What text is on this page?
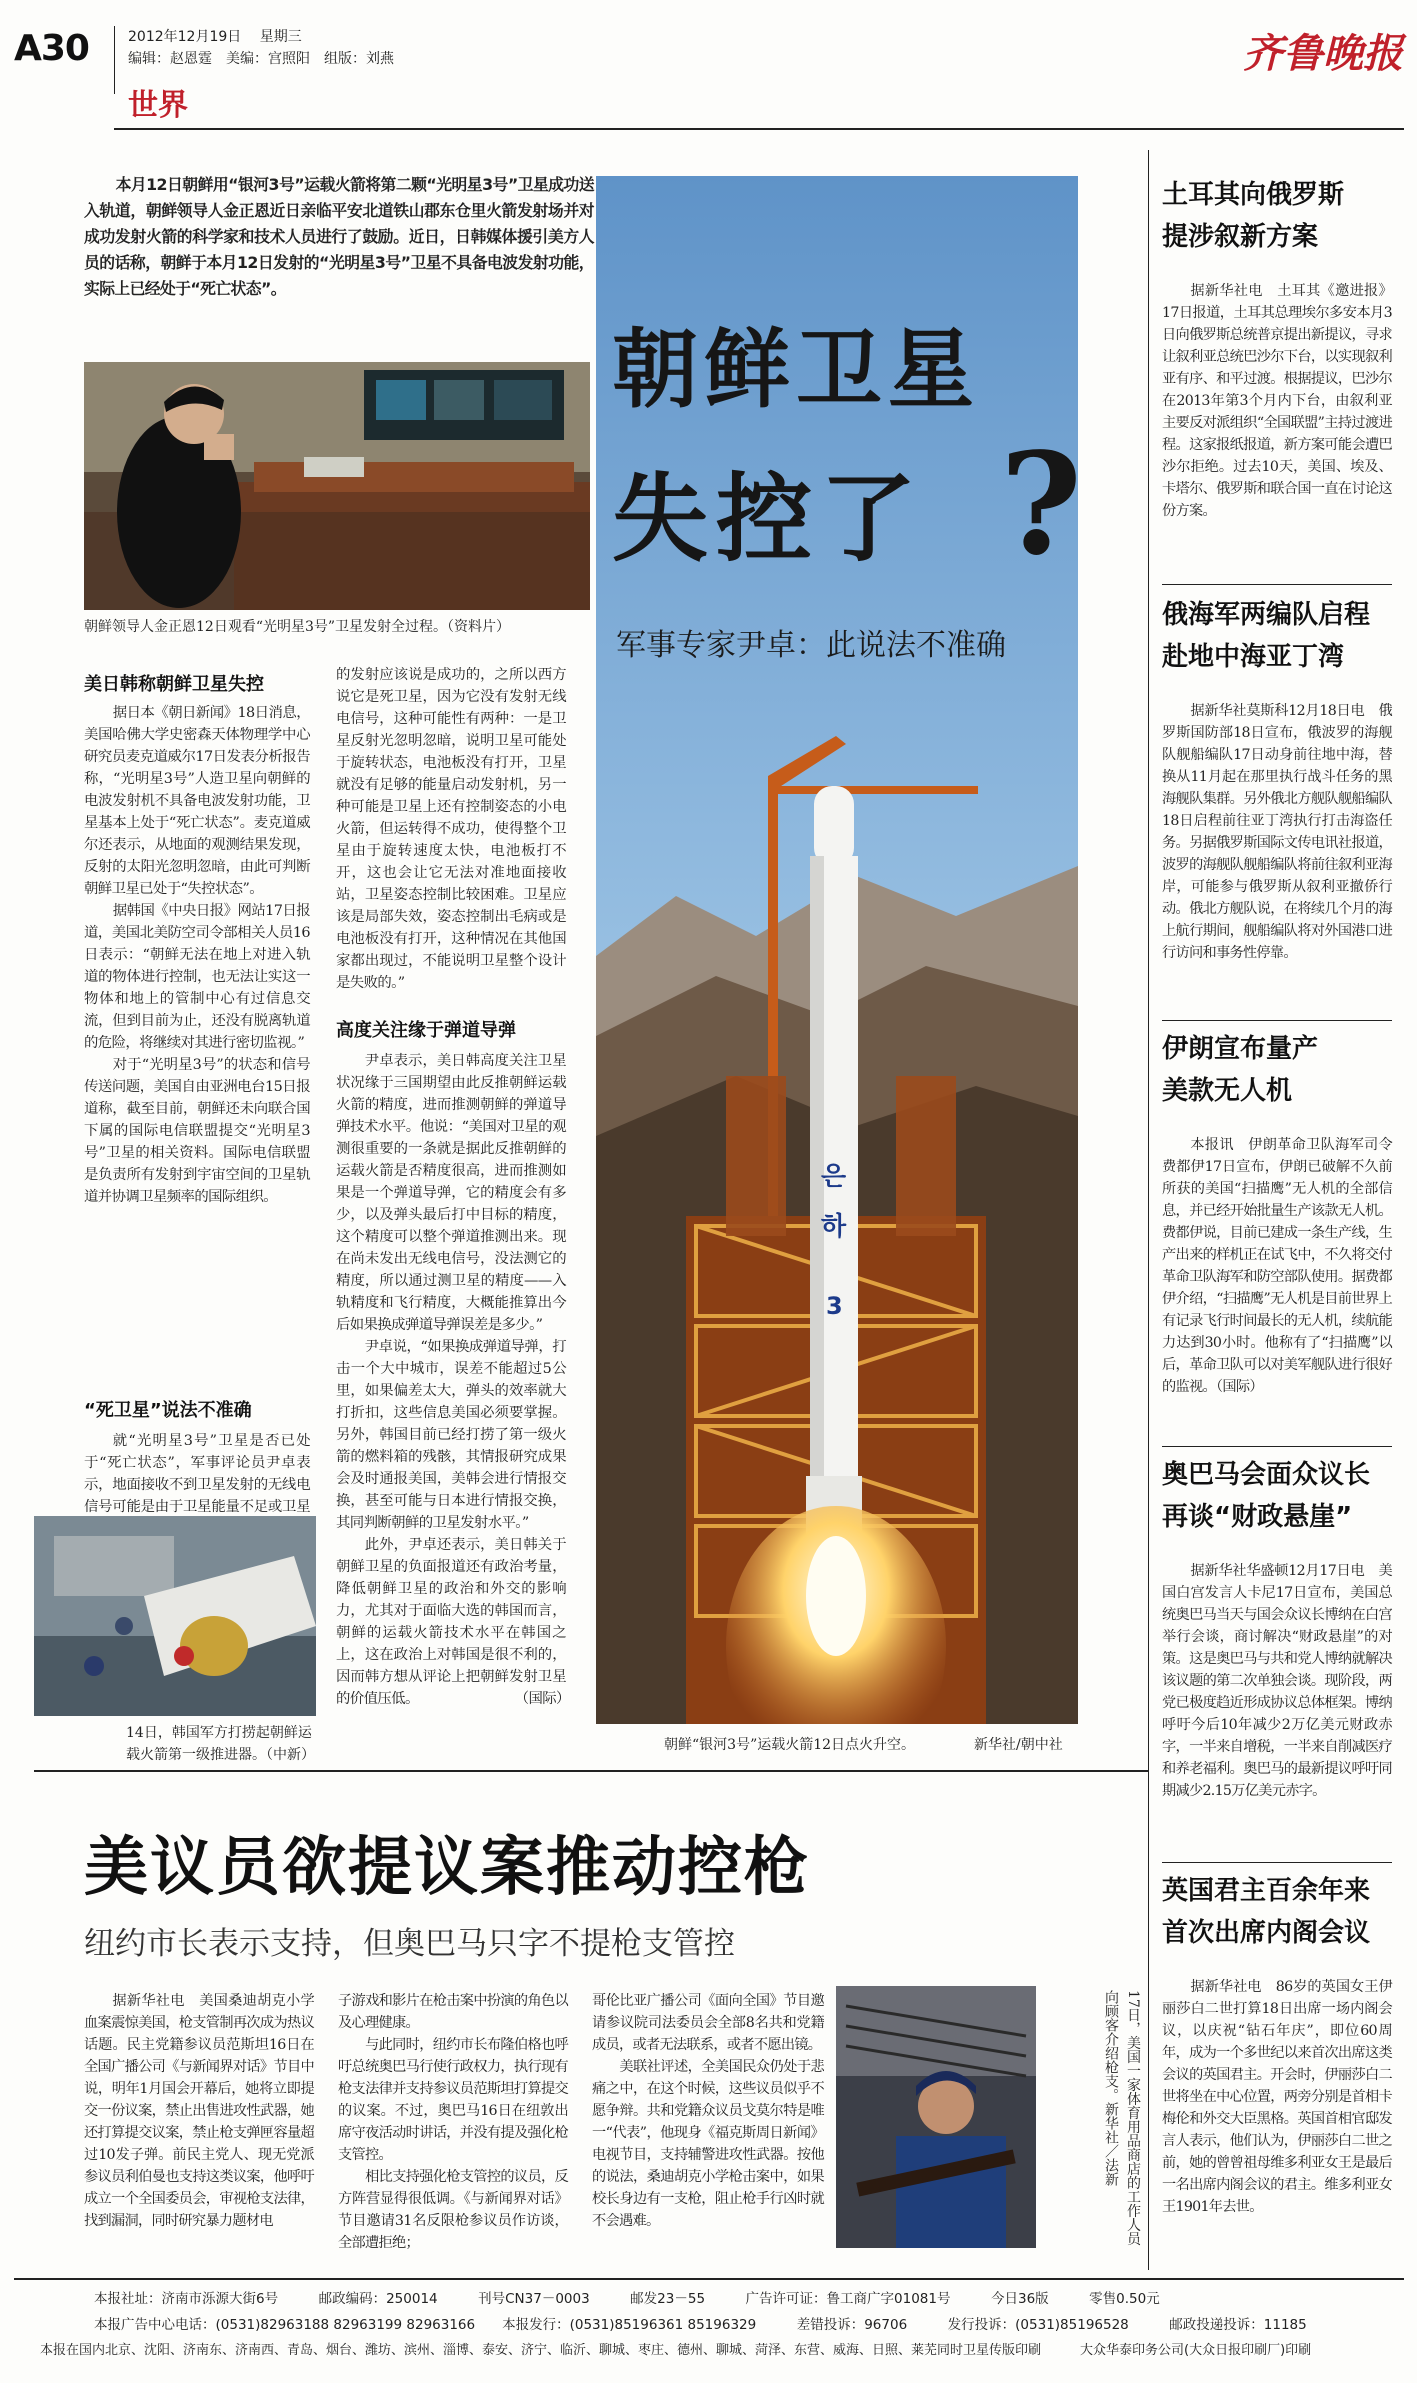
A30	2012年12月19日 星期三
编辑：赵恩霆　美编：宫照阳　组版：刘燕
世界
齐鲁晚报
本月12日朝鲜用“银河3号”运载火箭将第二颗“光明星3号”卫星成功送入轨道，朝鲜领导人金正恩近日亲临平安北道铁山郡东仓里火箭发射场并对成功发射火箭的科学家和技术人员进行了鼓励。近日，日韩媒体援引美方人员的话称，朝鲜于本月12日发射的“光明星3号”卫星不具备电波发射功能，实际上已经处于“死亡状态”。
朝鲜领导人金正恩12日观看“光明星3号”卫星发射全过程。（资料片）
美日韩称朝鲜卫星失控

据日本《朝日新闻》18日消息，美国哈佛大学史密森天体物理学中心研究员麦克道威尔17日发表分析报告称，“光明星3号”人造卫星向朝鲜的电波发射机不具备电波发射功能，卫星基本上处于“死亡状态”。麦克道威尔还表示，从地面的观测结果发现，反射的太阳光忽明忽暗，由此可判断朝鲜卫星已处于“失控状态”。

据韩国《中央日报》网站17日报道，美国北美防空司令部相关人员16日表示：“朝鲜无法在地上对进入轨道的物体进行控制，也无法让实这一物体和地上的管制中心有过信息交流，但到目前为止，还没有脱离轨道的危险，将继续对其进行密切监视。”

对于“光明星3号”的状态和信号传送问题，美国自由亚洲电台15日报道称，截至目前，朝鲜还未向联合国下属的国际电信联盟提交“光明星3号”卫星的相关资料。国际电信联盟是负责所有发射到宇宙空间的卫星轨道并协调卫星频率的国际组织。

“死卫星”说法不准确

就“光明星3号”卫星是否已处于“死亡状态”，军事评论员尹卓表示，地面接收不到卫星发射的无线电信号可能是由于卫星能量不足或卫星

14日，韩国军方打捞起朝鲜运载火箭第一级推进器。（中新）

的发射应该说是成功的，之所以西方说它是死卫星，因为它没有发射无线电信号，这种可能性有两种：一是卫星反射光忽明忽暗，说明卫星可能处于旋转状态，电池板没有打开，卫星就没有足够的能量启动发射机，另一种可能是卫星上还有控制姿态的小电火箭，但运转得不成功，使得整个卫星由于旋转速度太快，电池板打不开，这也会让它无法对准地面接收站，卫星姿态控制比较困难。卫星应该是局部失效，姿态控制出毛病或是电池板没有打开，这种情况在其他国家都出现过，不能说明卫星整个设计是失败的。”

高度关注缘于弹道导弹

尹卓表示，美日韩高度关注卫星状况缘于三国期望由此反推朝鲜运载火箭的精度，进而推测朝鲜的弹道导弹技术水平。他说：“美国对卫星的观测很重要的一条就是据此反推朝鲜的运载火箭是否精度很高，进而推测如果是一个弹道导弹，它的精度会有多少，以及弹头最后打中目标的精度，这个精度可以整个弹道推测出来。现在尚未发出无线电信号，没法测它的精度，所以通过测卫星的精度——入轨精度和飞行精度，大概能推算出今后如果换成弹道导弹误差是多少。”

尹卓说，“如果换成弹道导弹，打击一个大中城市，误差不能超过5公里，如果偏差太大，弹头的效率就大打折扣，这些信息美国必须要掌握。另外，韩国目前已经打捞了第一级火箭的燃料箱的残骸，其情报研究成果会及时通报美国，美韩会进行情报交换，甚至可能与日本进行情报交换，其同判断朝鲜的卫星发射水平。”

此外，尹卓还表示，美日韩关于朝鲜卫星的负面报道还有政治考量，降低朝鲜卫星的政治和外交的影响力，尤其对于面临大选的韩国而言，朝鲜的运载火箭技术水平在韩国之上，这在政治上对韩国是很不利的，因而韩方想从评论上把朝鲜发射卫星的价值压低。　　　　　　　　（国际）

은
하
3
朝鲜卫星
失控了 ?
军事专家尹卓：此说法不准确
朝鲜“银河3号”运载火箭12日点火升空。	新华社/朝中社
美议员欲提议案推动控枪
纽约市长表示支持，但奥巴马只字不提枪支管控
据新华社电　美国桑迪胡克小学血案震惊美国，枪支管制再次成为热议话题。民主党籍参议员范斯坦16日在全国广播公司《与新闻界对话》节目中说，明年1月国会开幕后，她将立即提交一份议案，禁止出售进攻性武器，她还打算提交议案，禁止枪支弹匣容量超过10发子弹。前民主党人、现无党派参议员利伯曼也支持这类议案，他呼吁成立一个全国委员会，审视枪支法律，找到漏洞，同时研究暴力题材电
子游戏和影片在枪击案中扮演的角色以及心理健康。
　　与此同时，纽约市长布隆伯格也呼吁总统奥巴马行使行政权力，执行现有枪支法律并支持参议员范斯坦打算提交的议案。不过，奥巴马16日在纽敦出席守夜活动时讲话，并没有提及强化枪支管控。
　　相比支持强化枪支管控的议员，反方阵营显得很低调。《与新闻界对话》节目邀请31名反限枪参议员作访谈，全部遭拒绝；
哥伦比亚广播公司《面向全国》节目邀请参议院司法委员会全部8名共和党籍成员，或者无法联系，或者不愿出镜。
　　美联社评述，全美国民众仍处于悲痛之中，在这个时候，这些议员似乎不愿争辩。共和党籍众议员戈莫尔特是唯一“代表”，他现身《福克斯周日新闻》电视节目，支持辅警进攻性武器。按他的说法，桑迪胡克小学枪击案中，如果校长身边有一支枪，阻止枪手行凶时就不会遇难。	17日，美国一家体育用品商店的工作人员向顾客介绍枪支。新华社／法新
土耳其向俄罗斯
提涉叙新方案
据新华社电　土耳其《邀进报》17日报道，土耳其总理埃尔多安本月3日向俄罗斯总统普京提出新提议，寻求让叙利亚总统巴沙尔下台，以实现叙利亚有序、和平过渡。根据提议，巴沙尔在2013年第3个月内下台，由叙利亚主要反对派组织“全国联盟”主持过渡进程。这家报纸报道，新方案可能会遭巴沙尔拒绝。过去10天，美国、埃及、卡塔尔、俄罗斯和联合国一直在讨论这份方案。
俄海军两编队启程
赴地中海亚丁湾
据新华社莫斯科12月18日电　俄罗斯国防部18日宣布，俄波罗的海舰队舰船编队17日动身前往地中海，替换从11月起在那里执行战斗任务的黑海舰队集群。另外俄北方舰队舰船编队18日启程前往亚丁湾执行打击海盗任务。另据俄罗斯国际文传电讯社报道，波罗的海舰队舰船编队将前往叙利亚海岸，可能参与俄罗斯从叙利亚撤侨行动。俄北方舰队说，在将续几个月的海上航行期间，舰船编队将对外国港口进行访问和事务性停靠。
伊朗宣布量产
美款无人机
本报讯　伊朗革命卫队海军司令费都伊17日宣布，伊朗已破解不久前所获的美国“扫描鹰”无人机的全部信息，并已经开始批量生产该款无人机。费都伊说，目前已建成一条生产线，生产出来的样机正在试飞中，不久将交付革命卫队海军和防空部队使用。据费都伊介绍，“扫描鹰”无人机是目前世界上有记录飞行时间最长的无人机，续航能力达到30小时。他称有了“扫描鹰”以后，革命卫队可以对美军舰队进行很好的监视。（国际）
奥巴马会面众议长
再谈“财政悬崖”
据新华社华盛顿12月17日电　美国白宫发言人卡尼17日宣布，美国总统奥巴马当天与国会众议长博纳在白宫举行会谈，商讨解决“财政悬崖”的对策。这是奥巴马与共和党人博纳就解决该议题的第二次单独会谈。现阶段，两党已极度趋近形成协议总体框架。博纳呼吁今后10年减少2万亿美元财政赤字，一半来自增税，一半来自削减医疗和养老福利。奥巴马的最新提议呼吁同期减少2.15万亿美元赤字。
英国君主百余年来
首次出席内阁会议
据新华社电　86岁的英国女王伊丽莎白二世打算18日出席一场内阁会议，以庆祝“钻石年庆”，即位60周年，成为一个多世纪以来首次出席这类会议的英国君主。开会时，伊丽莎白二世将坐在中心位置，两旁分别是首相卡梅伦和外交大臣黑格。英国首相官邸发言人表示，他们认为，伊丽莎白二世之前，她的曾曾祖母维多利亚女王是最后一名出席内阁会议的君主。维多利亚女王1901年去世。
本报社址：济南市泺源大街6号　　　邮政编码：250014　　　刊号CN37－0003　　　邮发23－55　　　广告许可证：鲁工商广字01081号　　　今日36版　　　零售0.50元
本报广告中心电话：(0531)82963188 82963199 82963166　　本报发行：(0531)85196361 85196329　　　差错投诉：96706　　　发行投诉：(0531)85196528　　　邮政投递投诉：11185
本报在国内北京、沈阳、济南东、济南西、青岛、烟台、潍坊、滨州、淄博、泰安、济宁、临沂、聊城、枣庄、德州、聊城、菏泽、东营、威海、日照、莱芜同时卫星传版印刷　　　大众华泰印务公司(大众日报印刷厂)印刷
